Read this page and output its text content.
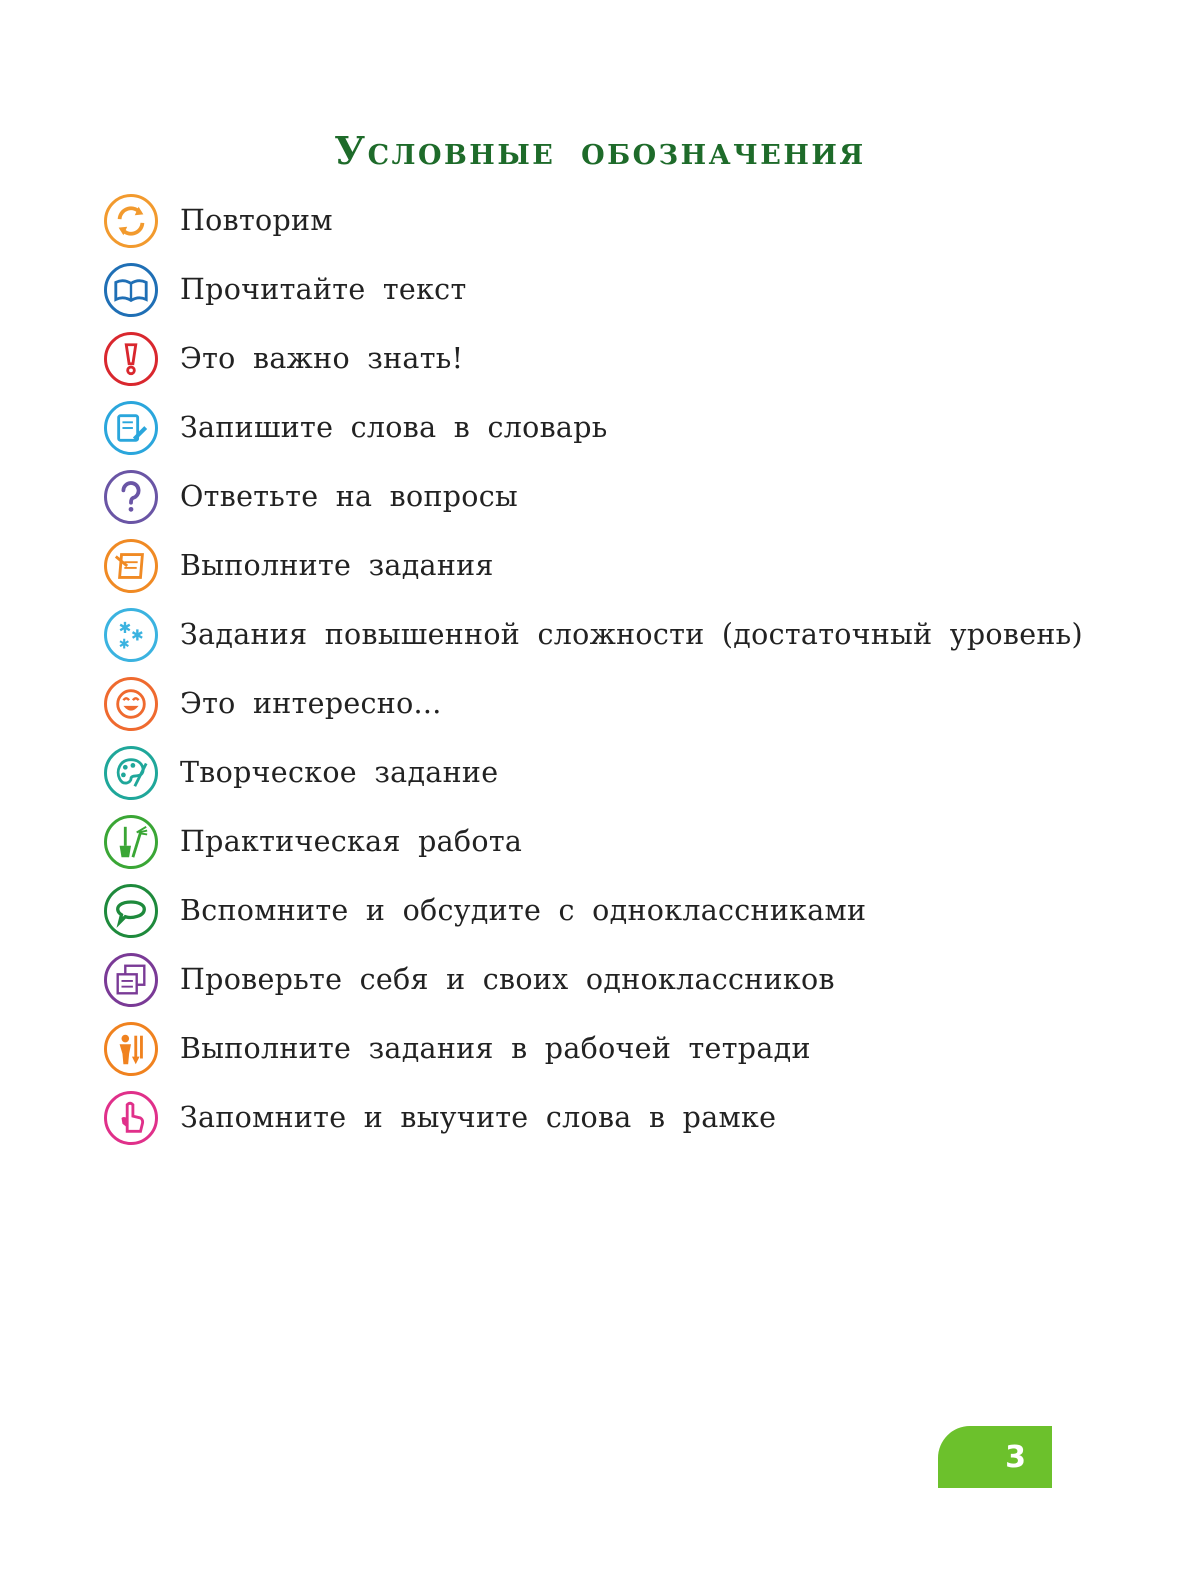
Условные обозначения
Повторим
Прочитайте текст
Это важно знать!
Запишите слова в словарь
Ответьте на вопросы
Выполните задания
✱ ✱
✱ Задания повышенной сложности (достаточный уровень)
Это интересно...
Творческое задание
Практическая работа
Вспомните и обсудите с одноклассниками
Проверьте себя и своих одноклассников
Выполните задания в рабочей тетради
Запомните и выучите слова в рамке
3
